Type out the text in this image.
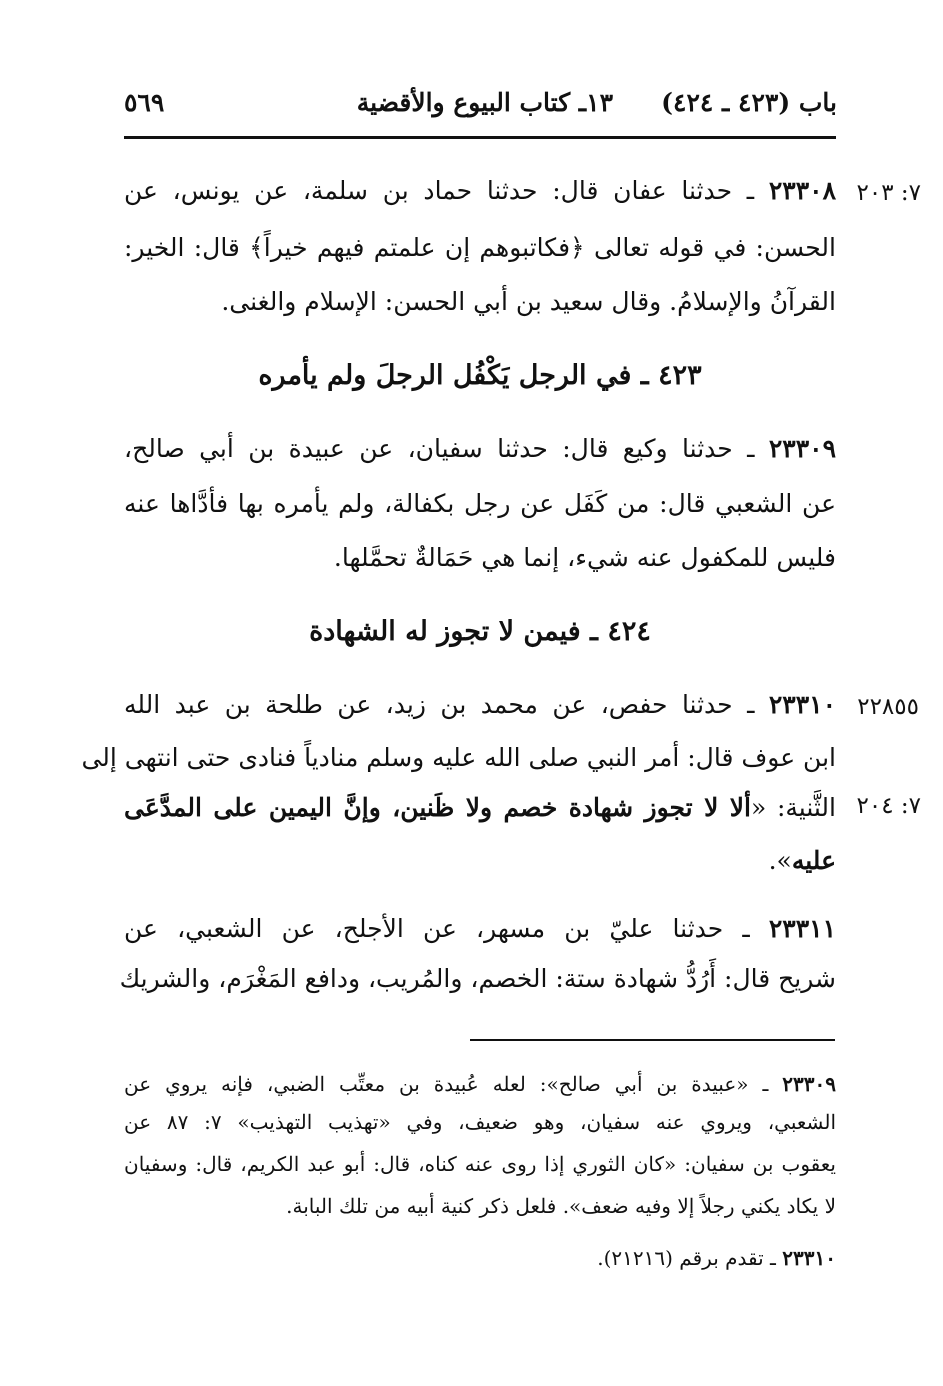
باب (٤٢٣ ـ ٤٢٤)
١٣ـ كتاب البيوع والأقضية
٥٦٩
٧: ٢٠٣
٢٢٨٥٥
٧: ٢٠٤
٢٣٣٠٨ ـ حدثنا عفان قال: حدثنا حماد بن سلمة، عن يونس، عن
الحسن: في قوله تعالى ﴿فكاتبوهم إن علمتم فيهم خيراً﴾ قال: الخير:
القرآنُ والإسلامُ. وقال سعيد بن أبي الحسن: الإسلام والغنى.
٤٢٣ ـ في الرجل يَكْفُل الرجلَ ولم يأمره
٢٣٣٠٩ ـ حدثنا وكيع قال: حدثنا سفيان، عن عبيدة بن أبي صالح،
عن الشعبي قال: من كَفَل عن رجل بكفالة، ولم يأمره بها فأدَّاها عنه
فليس للمكفول عنه شيء، إنما هي حَمَالةٌ تحمَّلها.
٤٢٤ ـ فيمن لا تجوز له الشهادة
٢٣٣١٠ ـ حدثنا حفص، عن محمد بن زيد، عن طلحة بن عبد الله
ابن عوف قال: أمر النبي صلى الله عليه وسلم منادياً فنادى حتى انتهى إلى
الثَّنية: «ألا لا تجوز شهادة خصم ولا ظَنين، وإنَّ اليمين على المدَّعَى
عليه».
٢٣٣١١ ـ حدثنا عليّ بن مسهر، عن الأجلح، عن الشعبي، عن
شريح قال: أَرُدُّ شهادة ستة: الخصم، والمُريب، ودافع المَغْرَم، والشريك
٢٣٣٠٩ ـ «عبيدة بن أبي صالح»: لعله عُبيدة بن معتِّب الضبي، فإنه يروي عن
الشعبي، ويروي عنه سفيان، وهو ضعيف، وفي «تهذيب التهذيب» ٧: ٨٧ عن
يعقوب بن سفيان: «كان الثوري إذا روى عنه كناه، قال: أبو عبد الكريم، قال: وسفيان
لا يكاد يكني رجلاً إلا وفيه ضعف». فلعل ذكر كنية أبيه من تلك البابة.
٢٣٣١٠ ـ تقدم برقم (٢١٢١٦).
